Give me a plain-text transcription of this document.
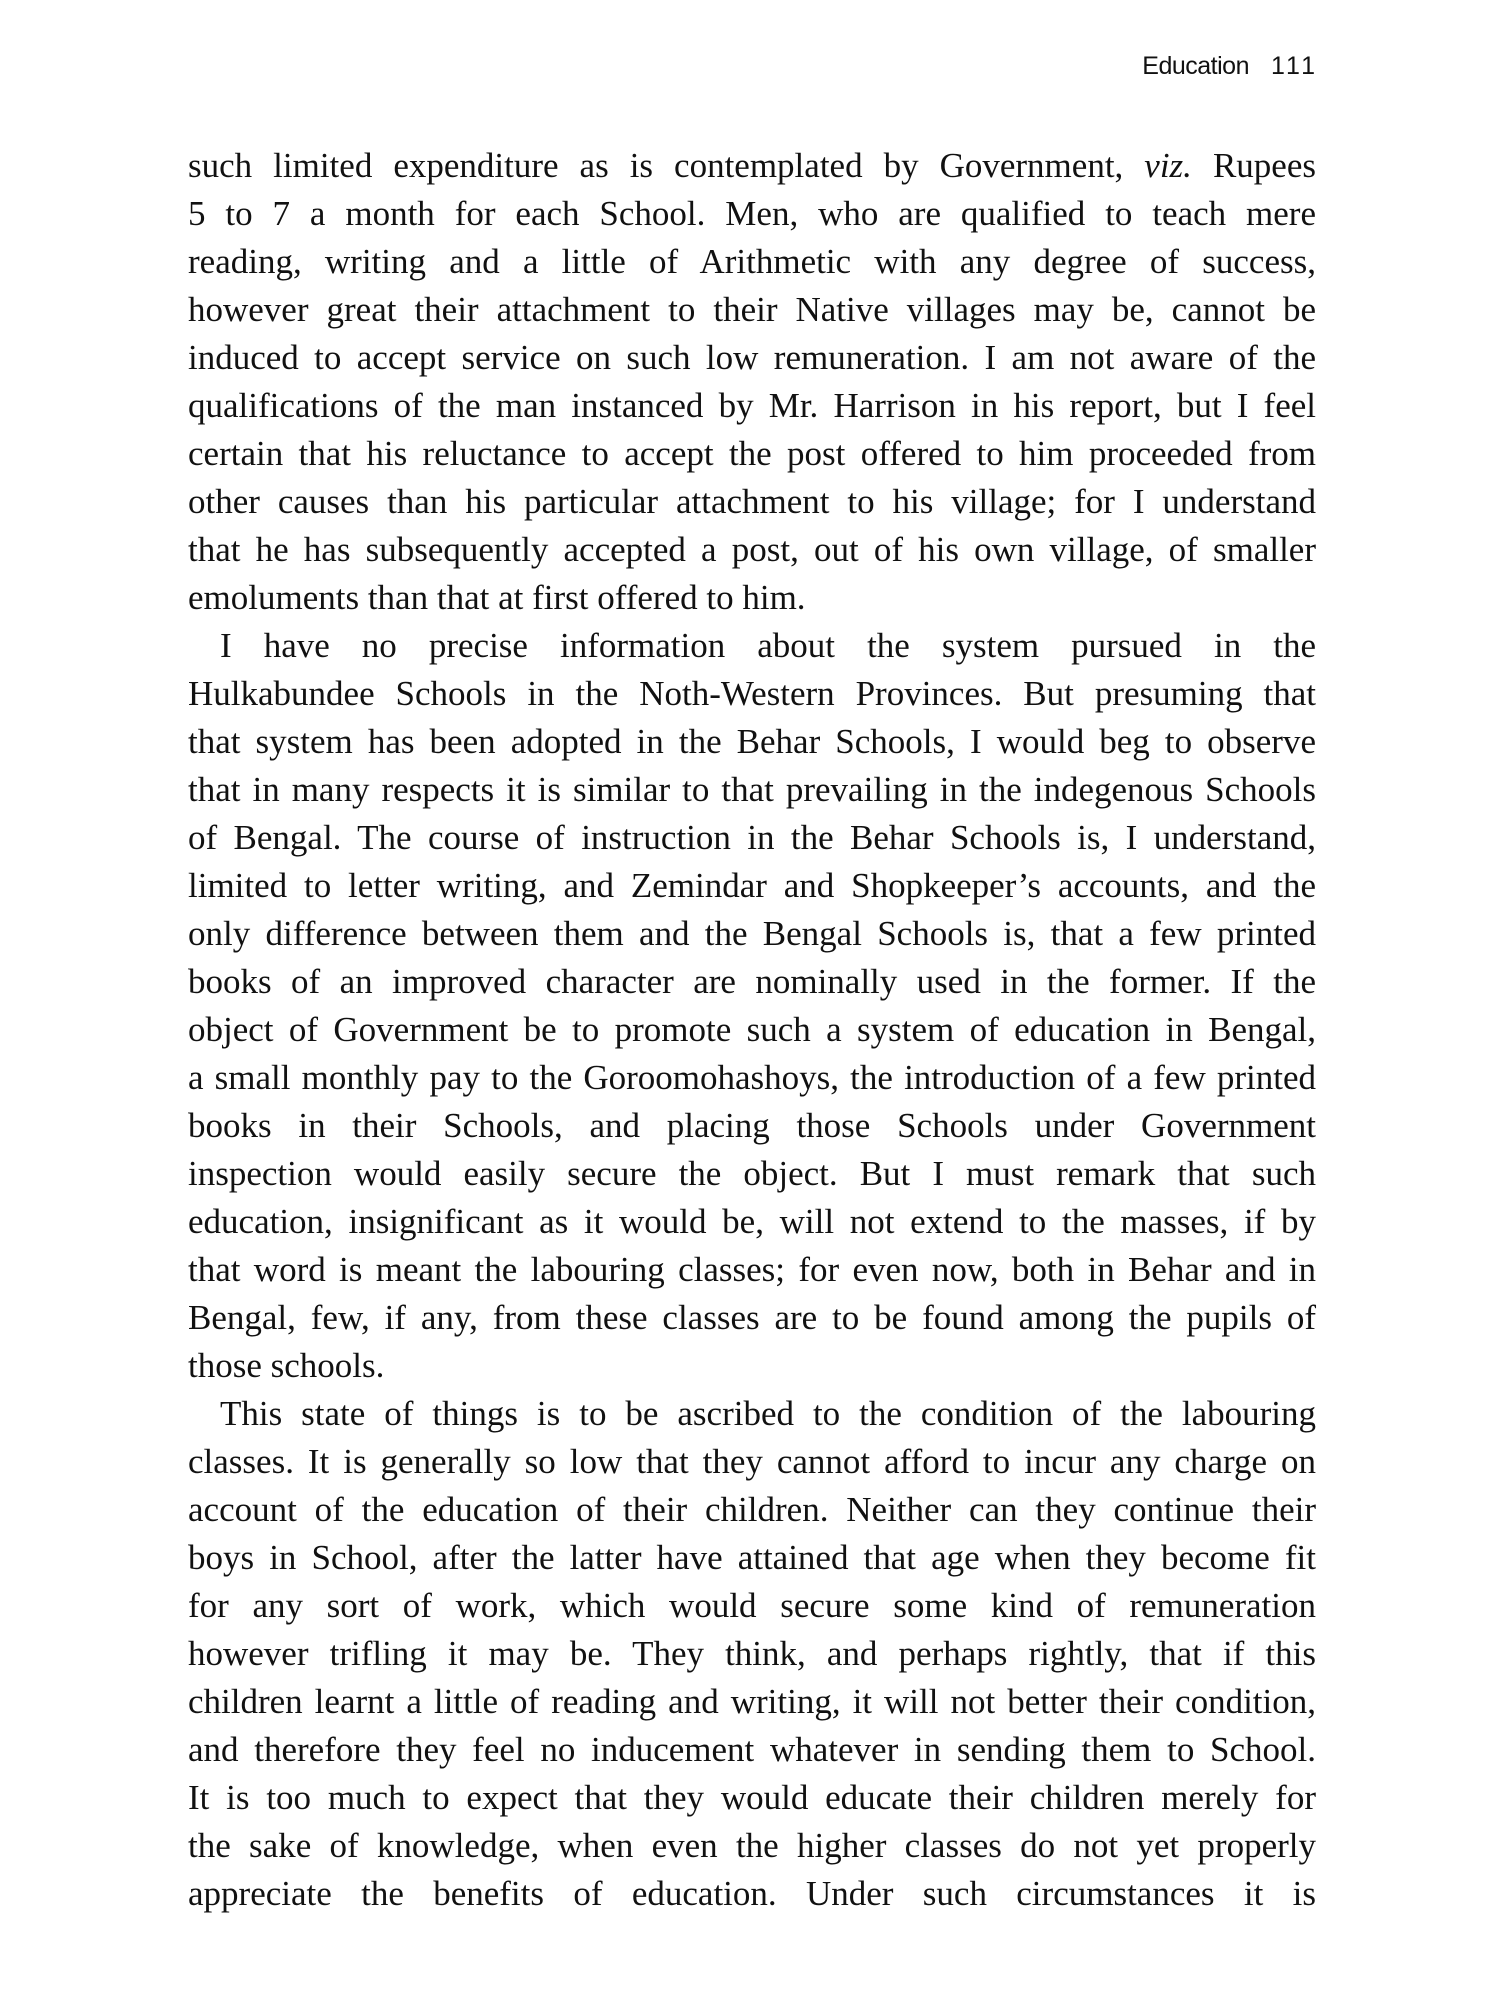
Education 111
such limited expenditure as is contemplated by Government, viz. Rupees
5 to 7 a month for each School. Men, who are qualified to teach mere
reading, writing and a little of Arithmetic with any degree of success,
however great their attachment to their Native villages may be, cannot be
induced to accept service on such low remuneration. I am not aware of the
qualifications of the man instanced by Mr. Harrison in his report, but I feel
certain that his reluctance to accept the post offered to him proceeded from
other causes than his particular attachment to his village; for I understand
that he has subsequently accepted a post, out of his own village, of smaller
emoluments than that at first offered to him.
I have no precise information about the system pursued in the
Hulkabundee Schools in the Noth-Western Provinces. But presuming that
that system has been adopted in the Behar Schools, I would beg to observe
that in many respects it is similar to that prevailing in the indegenous Schools
of Bengal. The course of instruction in the Behar Schools is, I understand,
limited to letter writing, and Zemindar and Shopkeeper’s accounts, and the
only difference between them and the Bengal Schools is, that a few printed
books of an improved character are nominally used in the former. If the
object of Government be to promote such a system of education in Bengal,
a small monthly pay to the Goroomohashoys, the introduction of a few printed
books in their Schools, and placing those Schools under Government
inspection would easily secure the object. But I must remark that such
education, insignificant as it would be, will not extend to the masses, if by
that word is meant the labouring classes; for even now, both in Behar and in
Bengal, few, if any, from these classes are to be found among the pupils of
those schools.
This state of things is to be ascribed to the condition of the labouring
classes. It is generally so low that they cannot afford to incur any charge on
account of the education of their children. Neither can they continue their
boys in School, after the latter have attained that age when they become fit
for any sort of work, which would secure some kind of remuneration
however trifling it may be. They think, and perhaps rightly, that if this
children learnt a little of reading and writing, it will not better their condition,
and therefore they feel no inducement whatever in sending them to School.
It is too much to expect that they would educate their children merely for
the sake of knowledge, when even the higher classes do not yet properly
appreciate the benefits of education. Under such circumstances it is
